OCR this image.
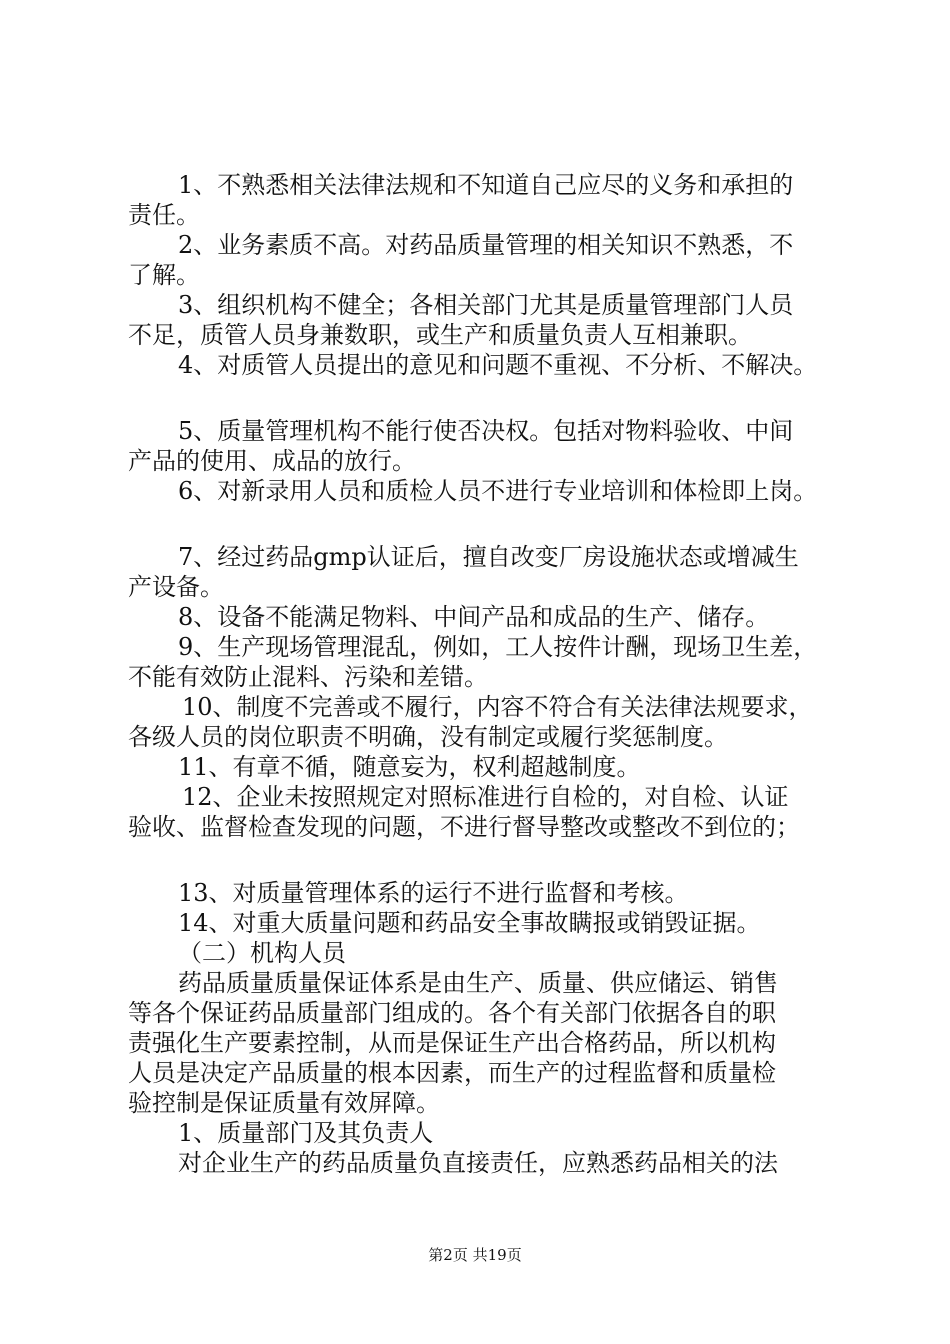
1、不熟悉相关法律法规和不知道自己应尽的义务和承担的
责任。
2、业务素质不高。对药品质量管理的相关知识不熟悉，不
了解。
3、组织机构不健全；各相关部门尤其是质量管理部门人员
不足，质管人员身兼数职，或生产和质量负责人互相兼职。
4、对质管人员提出的意见和问题不重视、不分析、不解决。
5、质量管理机构不能行使否决权。包括对物料验收、中间
产品的使用、成品的放行。
6、对新录用人员和质检人员不进行专业培训和体检即上岗。
7、经过药品gmp认证后，擅自改变厂房设施状态或增减生
产设备。
8、设备不能满足物料、中间产品和成品的生产、储存。
9、生产现场管理混乱，例如，工人按件计酬，现场卫生差，
不能有效防止混料、污染和差错。
10、制度不完善或不履行，内容不符合有关法律法规要求，
各级人员的岗位职责不明确，没有制定或履行奖惩制度。
11、有章不循，随意妄为，权利超越制度。
12、企业未按照规定对照标准进行自检的，对自检、认证
验收、监督检查发现的问题，不进行督导整改或整改不到位的；
13、对质量管理体系的运行不进行监督和考核。
14、对重大质量问题和药品安全事故瞒报或销毁证据。
（二）机构人员
药品质量质量保证体系是由生产、质量、供应储运、销售
等各个保证药品质量部门组成的。各个有关部门依据各自的职
责强化生产要素控制，从而是保证生产出合格药品，所以机构
人员是决定产品质量的根本因素，而生产的过程监督和质量检
验控制是保证质量有效屏障。
1、质量部门及其负责人
对企业生产的药品质量负直接责任，应熟悉药品相关的法
第2页 共19页
